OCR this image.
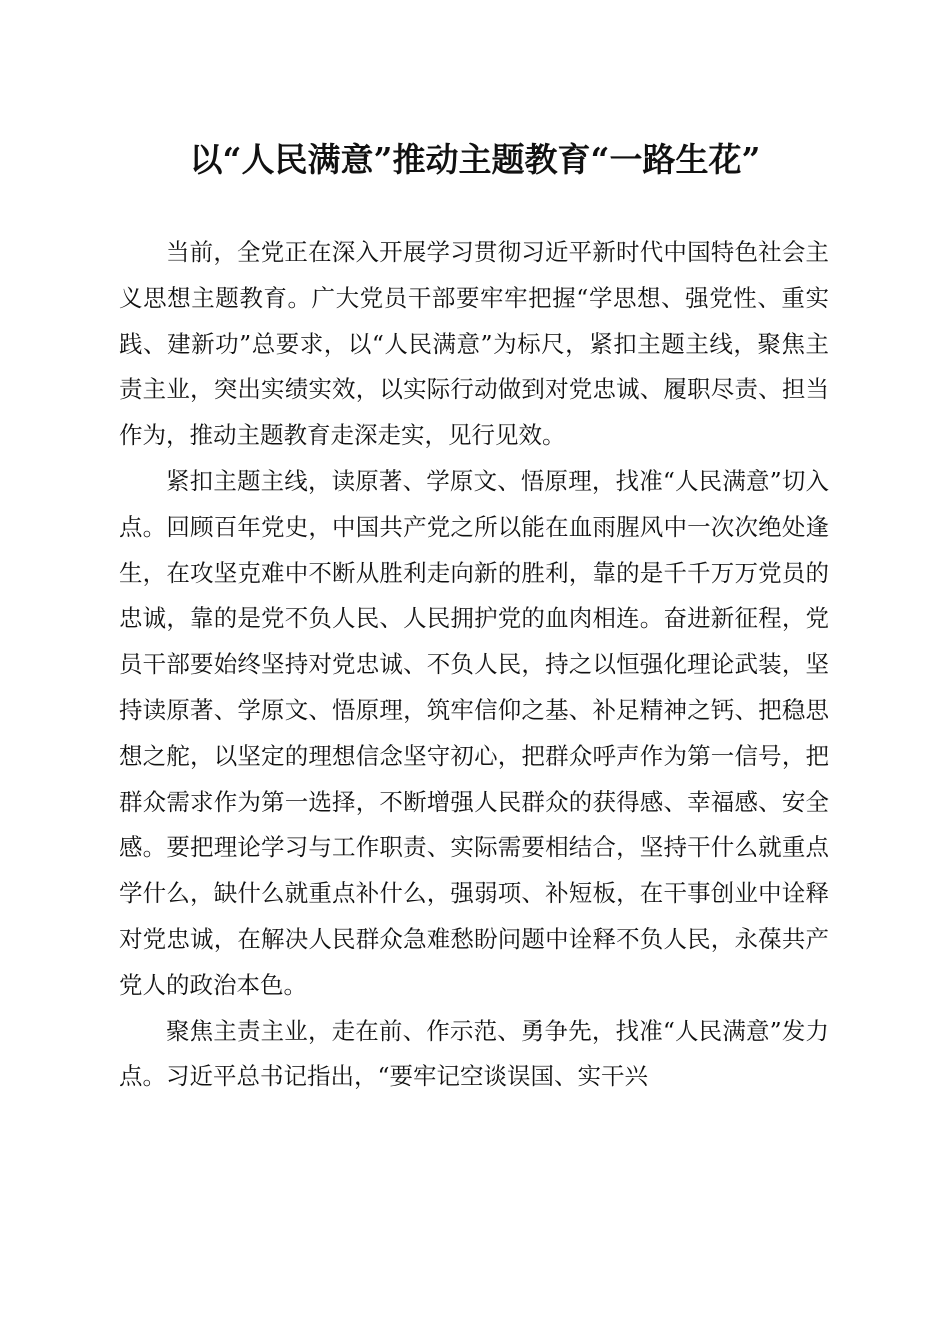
以“人民满意”推动主题教育“一路生花”

当前，全党正在深入开展学习贯彻习近平新时代中国特色社会主义思想主题教育。广大党员干部要牢牢把握“学思想、强党性、重实践、建新功”总要求，以“人民满意”为标尺，紧扣主题主线，聚焦主责主业，突出实绩实效，以实际行动做到对党忠诚、履职尽责、担当作为，推动主题教育走深走实，见行见效。

紧扣主题主线，读原著、学原文、悟原理，找准“人民满意”切入点。回顾百年党史，中国共产党之所以能在血雨腥风中一次次绝处逢生，在攻坚克难中不断从胜利走向新的胜利，靠的是千千万万党员的忠诚，靠的是党不负人民、人民拥护党的血肉相连。奋进新征程，党员干部要始终坚持对党忠诚、不负人民，持之以恒强化理论武装，坚持读原著、学原文、悟原理，筑牢信仰之基、补足精神之钙、把稳思想之舵，以坚定的理想信念坚守初心，把群众呼声作为第一信号，把群众需求作为第一选择，不断增强人民群众的获得感、幸福感、安全感。要把理论学习与工作职责、实际需要相结合，坚持干什么就重点学什么，缺什么就重点补什么，强弱项、补短板，在干事创业中诠释对党忠诚，在解决人民群众急难愁盼问题中诠释不负人民，永葆共产党人的政治本色。

聚焦主责主业，走在前、作示范、勇争先，找准“人民满意”发力点。习近平总书记指出，“要牢记空谈误国、实干兴
